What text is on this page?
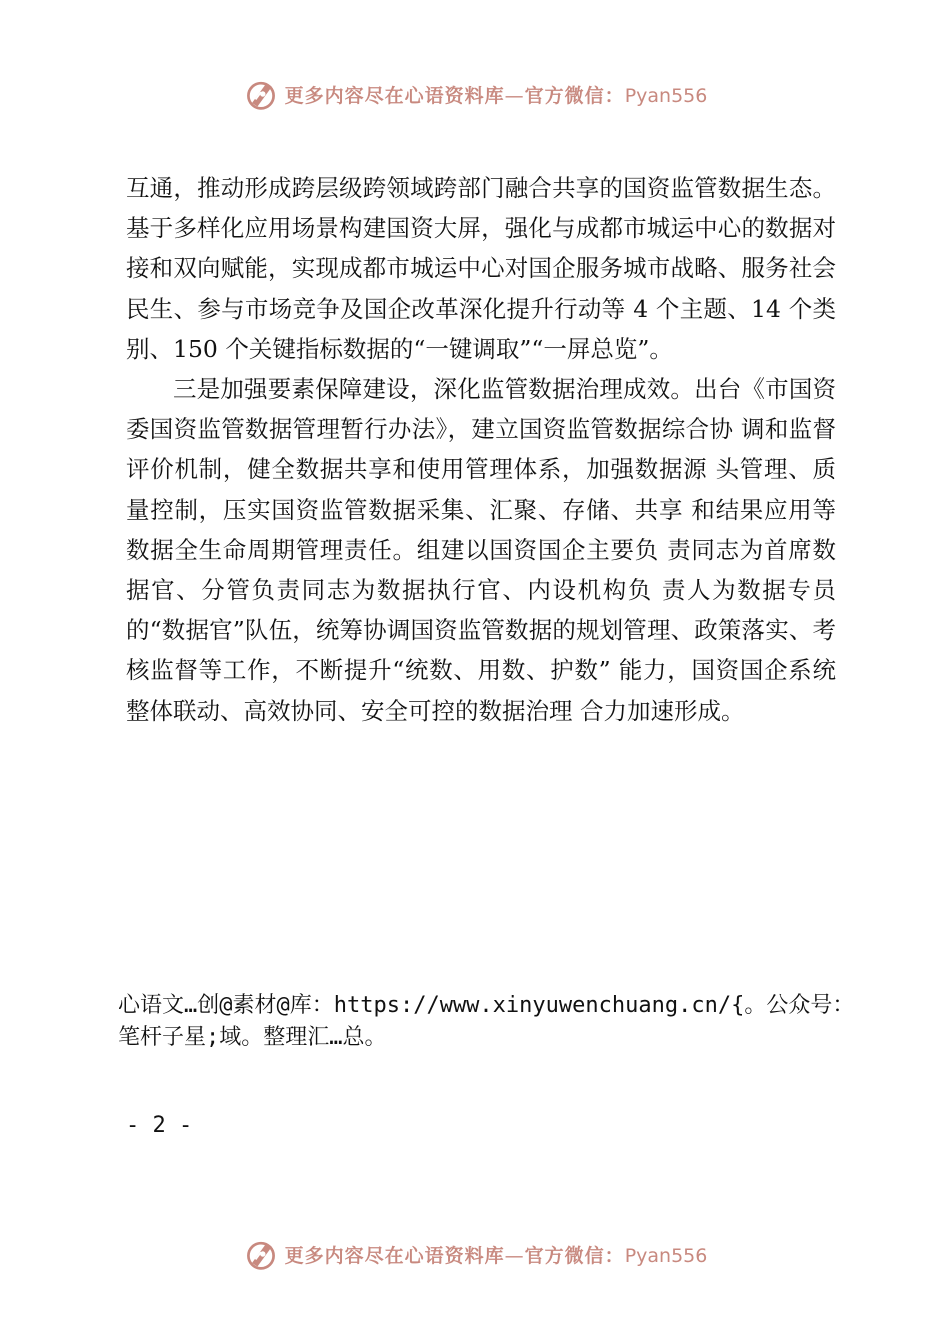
更多内容尽在心语资料库—官方微信：Pyan556

互通，推动形成跨层级跨领域跨部门融合共享的国资监管数据生态。基于多样化应用场景构建国资大屏，强化与成都市城运中心的数据对接和双向赋能，实现成都市城运中心对国企服务城市战略、服务社会民生、参与市场竞争及国企改革深化提升行动等 4 个主题、14 个类别、150 个关键指标数据的“一键调取”“一屏总览”。

三是加强要素保障建设，深化监管数据治理成效。出台《市国资委国资监管数据管理暂行办法》，建立国资监管数据综合协 调和监督评价机制，健全数据共享和使用管理体系，加强数据源 头管理、质量控制，压实国资监管数据采集、汇聚、存储、共享 和结果应用等数据全生命周期管理责任。组建以国资国企主要负 责同志为首席数据官、分管负责同志为数据执行官、内设机构负 责人为数据专员的“数据官”队伍，统筹协调国资监管数据的规划管理、政策落实、考核监督等工作，不断提升“统数、用数、护数” 能力，国资国企系统整体联动、高效协同、安全可控的数据治理 合力加速形成。

心语文…创@素材@库：https://www.xinyuwenchuang.cn/{。公众号：笔杆子星;域。整理汇…总。
- 2 -
更多内容尽在心语资料库—官方微信：Pyan556
